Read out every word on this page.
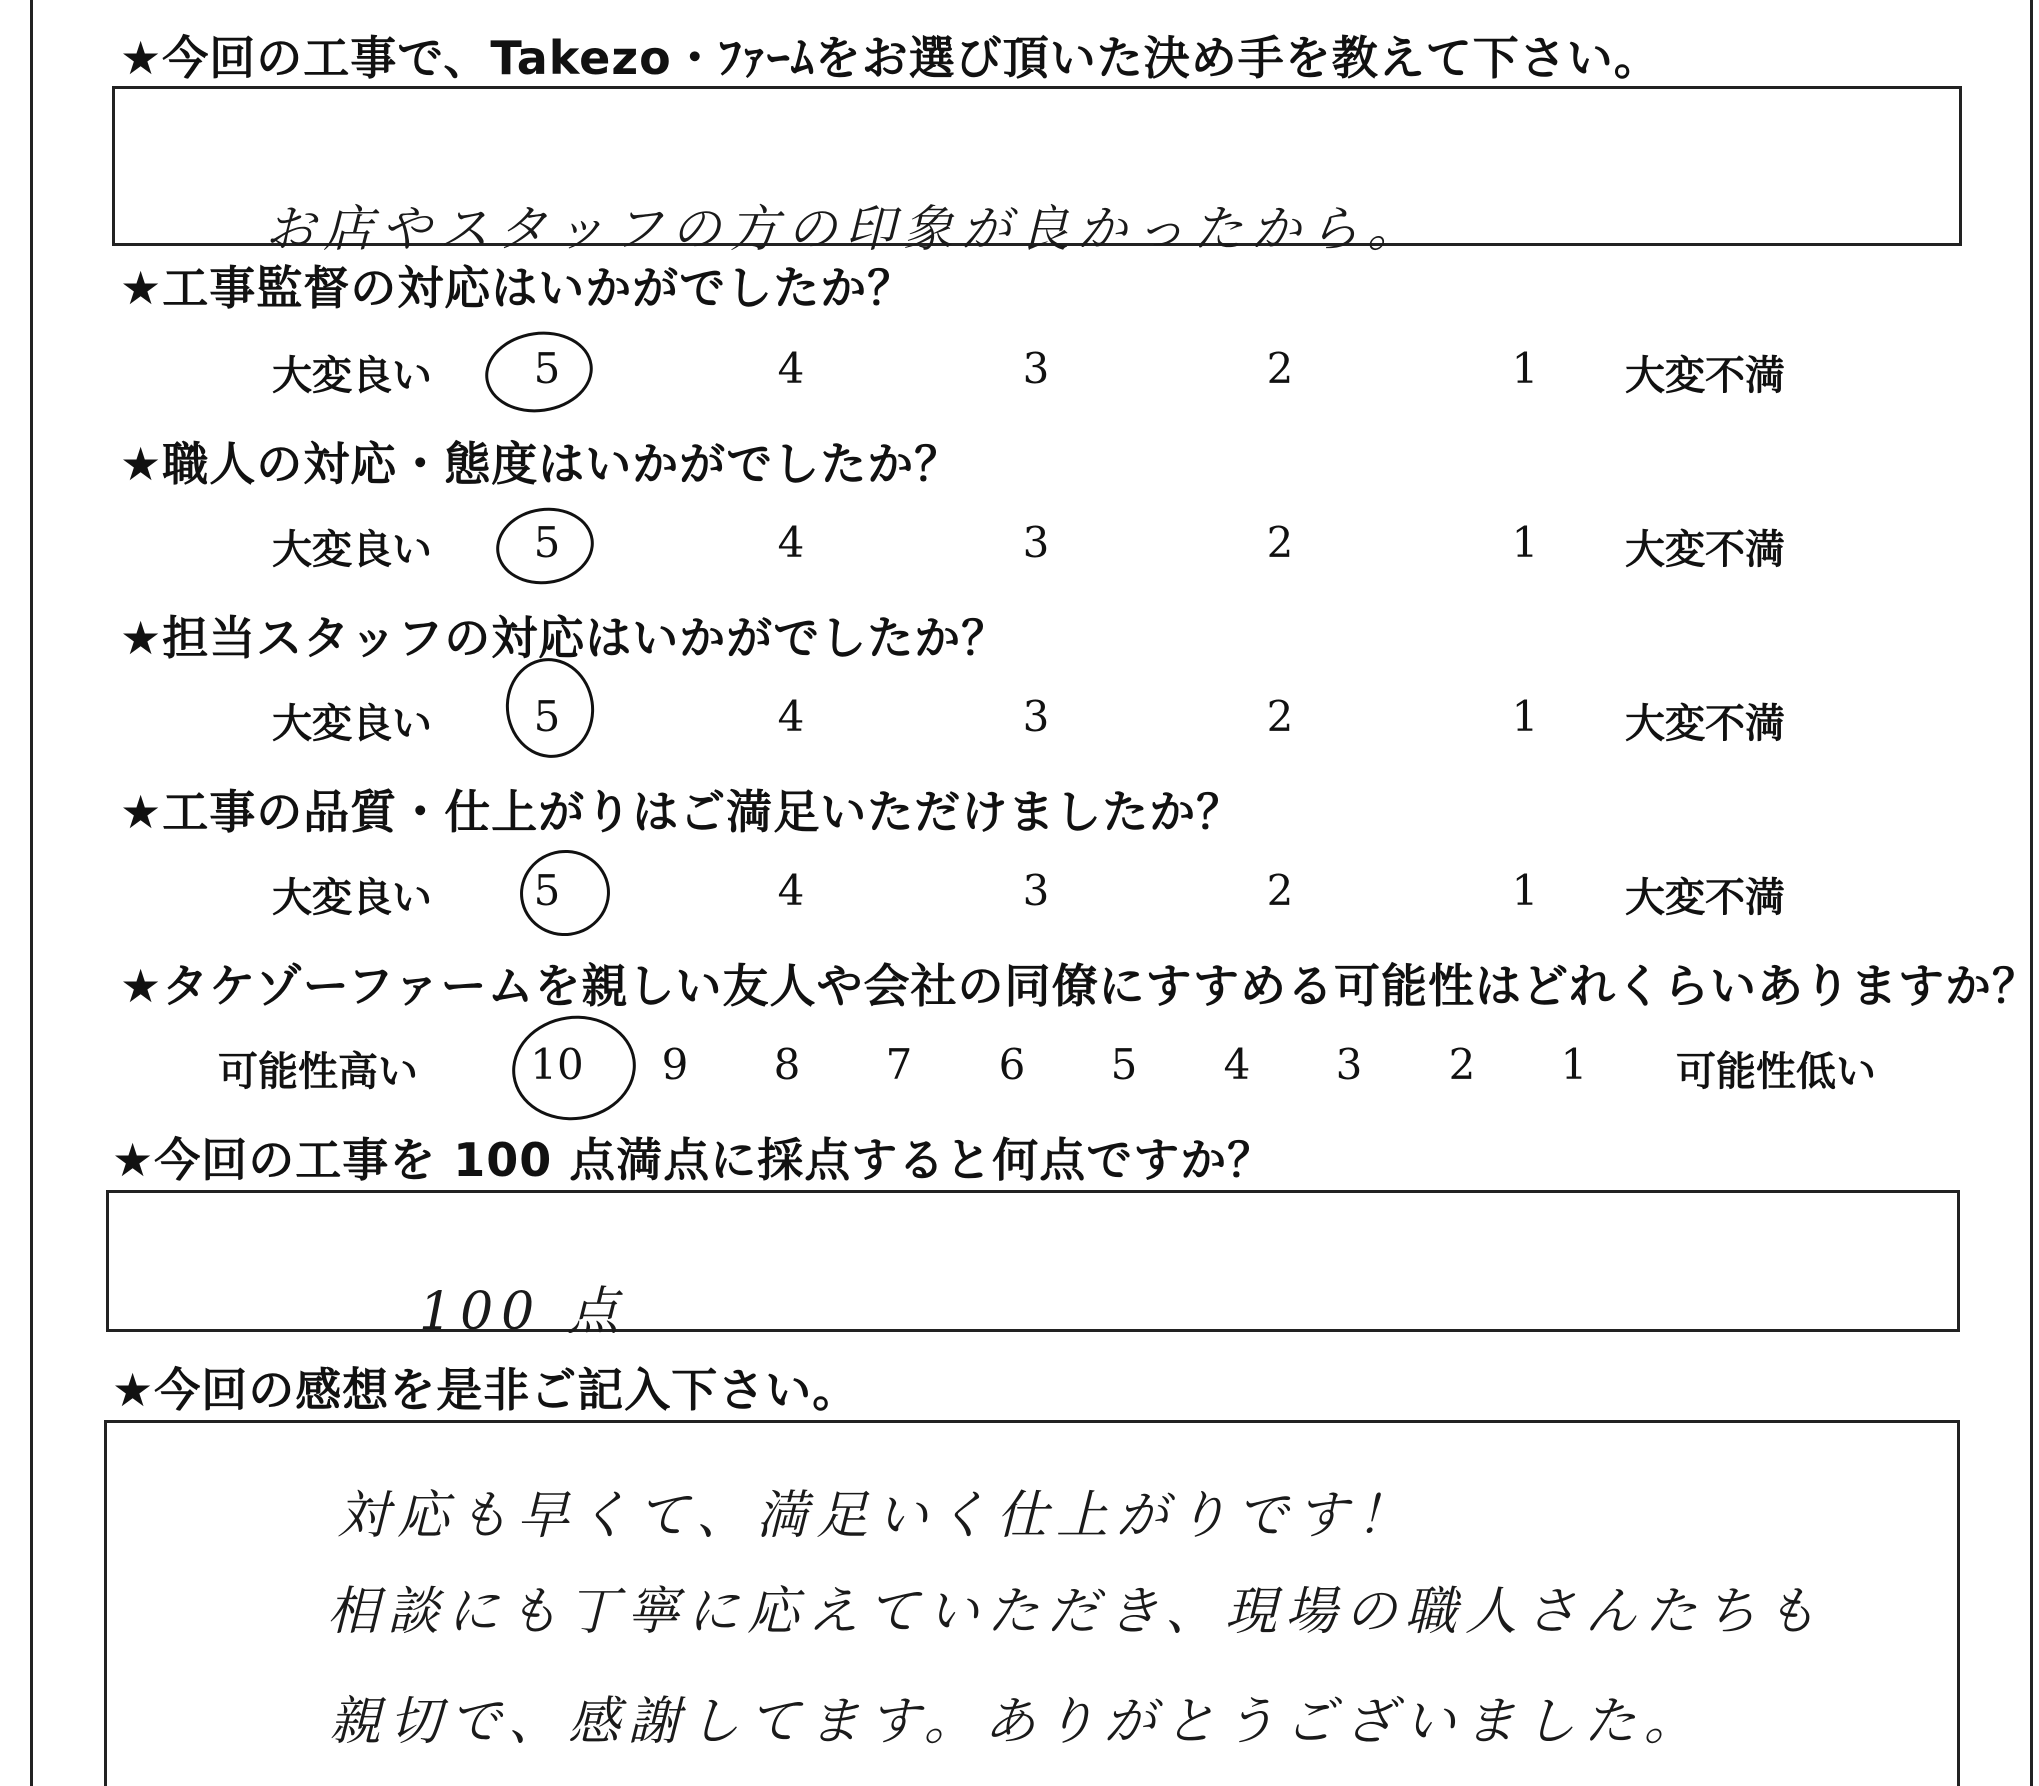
★今回の工事で、Takezo・ﾌｧｰﾑをお選び頂いた決め手を教えて下さい。
お店やスタッフの方の印象が良かったから。
★工事監督の対応はいかがでしたか？
大変良い	5	4	3	2	1	大変不満
★職人の対応・態度はいかがでしたか？
大変良い	5	4	3	2	1	大変不満
★担当スタッフの対応はいかがでしたか？
大変良い	5	4	3	2	1	大変不満
★工事の品質・仕上がりはご満足いただけましたか？
大変良い	5	4	3	2	1	大変不満
★タケゾーファームを親しい友人や会社の同僚にすすめる可能性はどれくらいありますか？
可能性高い	10	9	8	7	6	5	4	3	2	1	可能性低い
★今回の工事を 100 点満点に採点すると何点ですか？
100 点
★今回の感想を是非ご記入下さい。
対応も早くて、満足いく仕上がりです！
相談にも丁寧に応えていただき、現場の職人さんたちも
親切で、感謝してます。ありがとうございました。
